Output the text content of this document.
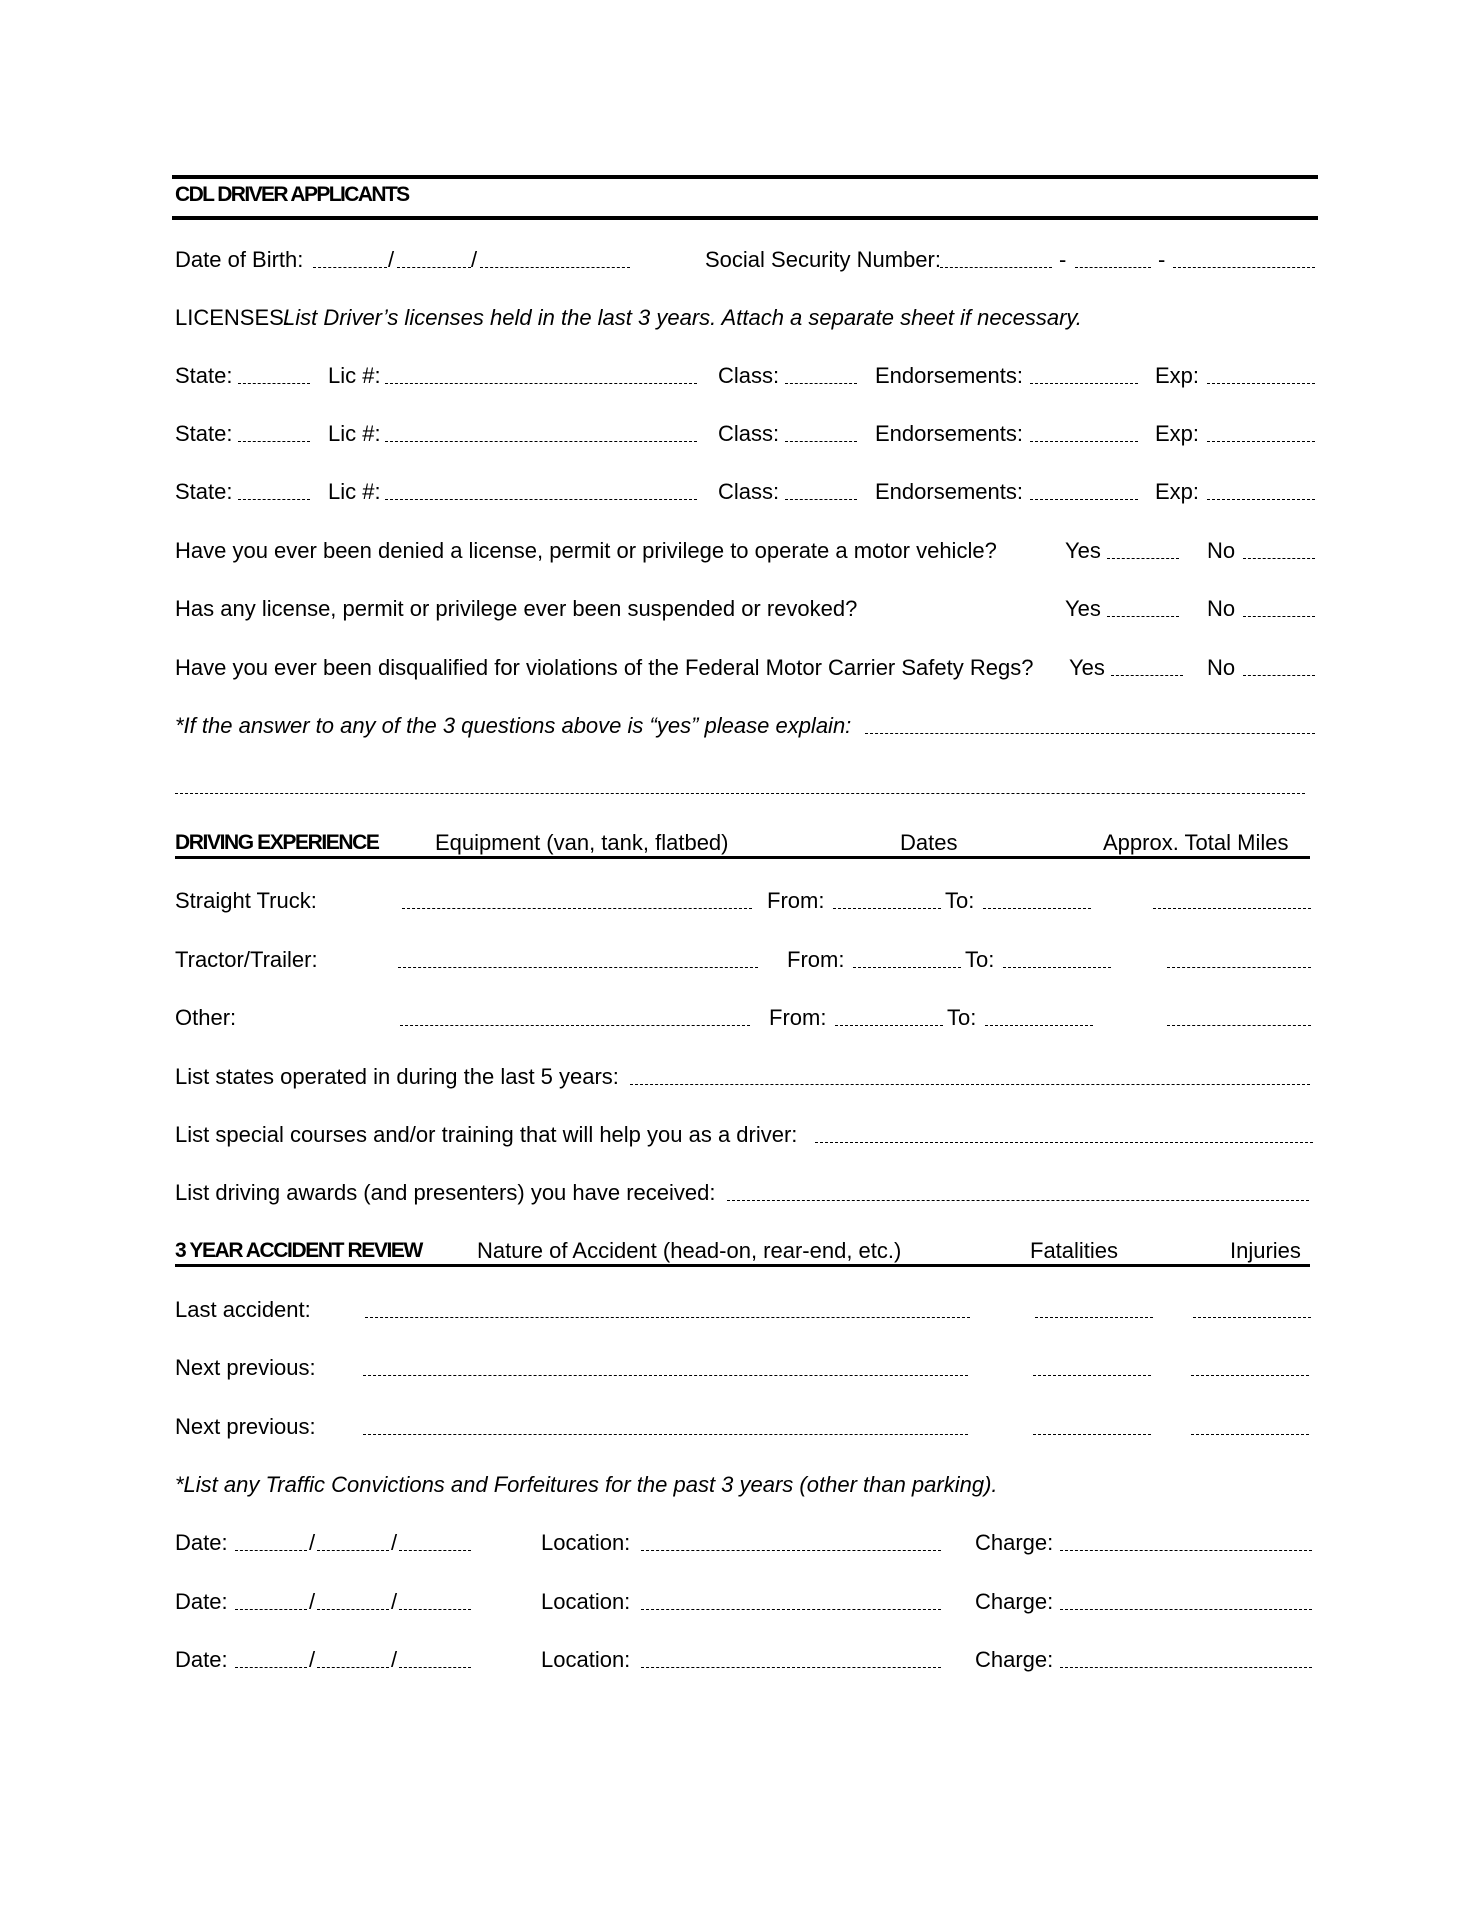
CDL DRIVER APPLICANTS
Date of Birth:	/	/	Social Security Number:	-	-
LICENSES:
List Driver’s licenses held in the last 3 years. Attach a separate sheet if necessary.
State:	Lic #:	Class:	Endorsements:	Exp:
State:	Lic #:	Class:	Endorsements:	Exp:
State:	Lic #:	Class:	Endorsements:	Exp:
Have you ever been denied a license, permit or privilege to operate a motor vehicle?	Yes	No
Has any license, permit or privilege ever been suspended or revoked?	Yes	No
Have you ever been disqualified for violations of the Federal Motor Carrier Safety Regs? Yes	No
*If the answer to any of the 3 questions above is “yes” please explain:
DRIVING EXPERIENCE	Equipment (van, tank, flatbed)	Dates	Approx. Total Miles
Straight Truck:	From:	To:
Tractor/Trailer:	From:	To:
Other:	From:	To:
List states operated in during the last 5 years:
List special courses and/or training that will help you as a driver:
List driving awards (and presenters) you have received:
3 YEAR ACCIDENT REVIEW	Nature of Accident (head-on, rear-end, etc.)	Fatalities	Injuries
Last accident:
Next previous:
Next previous:
*List any Traffic Convictions and Forfeitures for the past 3 years (other than parking).
Date:	/	/	Location:	Charge:
Date:	/	/	Location:	Charge:
Date:	/	/	Location:	Charge:
